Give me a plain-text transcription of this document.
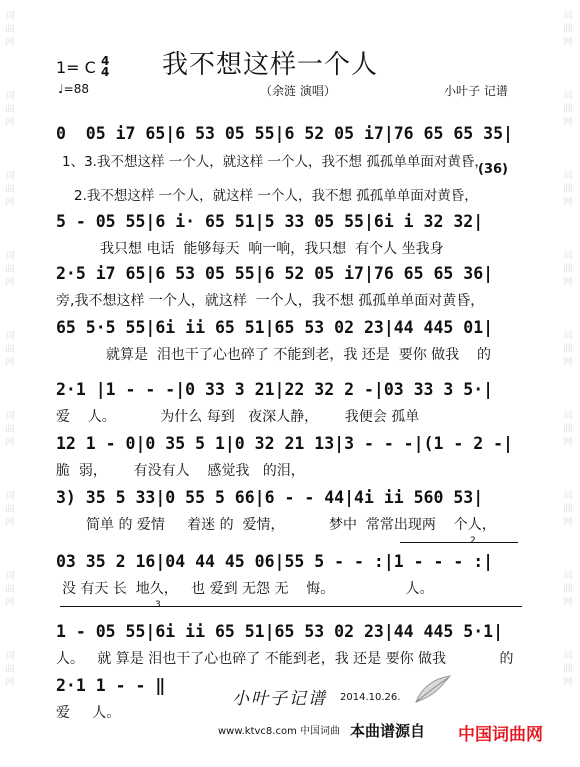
词
曲
网
词
曲
网
词
曲
网
词
曲
网
词
曲
网
词
曲
网
词
曲
网
词
曲
网
词
曲
网
词
曲
网
词
曲
网
词
曲
网
词
曲
网
词
曲
网
词
曲
网
词
曲
网
词
曲
网
词
曲
网
1= C 4
4
♩=88
我不想这样一个人
（余涟 演唱）	小叶子 记谱
0  05 i7 65|6 53 05 55|6 52 05 i7|76 65 65 35|
1、3.我不想这样 一个人，就这样 一个人，我不想 孤孤单单面对黄昏，
(36)
2.我不想这样 一个人，就这样 一个人，我不想 孤孤单单面对黄昏，
5 - 05 55|6 i· 65 51|5 33 05 55|6i i 32 32|
我只想 电话  能够每天  响一响，我只想  有个人 坐我身
2·5 i7 65|6 53 05 55|6 52 05 i7|76 65 65 36|
旁,我不想这样 一个人，就这样  一个人，我不想 孤孤单单面对黄昏，
65 5·5 55|6i ii 65 51|65 53 02 23|44 445 01|
就算是  泪也干了心也碎了 不能到老，我 还是  要你 做我    的
2·1 |1 - - -|0 33 3 21|22 32 2 -|03 33 3 5·|
爱    人。          为什么 每到   夜深人静，      我便会 孤单
12 1 - 0|0 35 5 1|0 32 21 13|3 - - -|(1 - 2 -|
脆  弱，      有没有人    感觉我   的泪，
3) 35 5 33|0 55 5 66|6 - - 44|4i ii 560 53|
简单 的 爱情     着迷 的  爱情，          梦中  常常出现两    个人，
2
03 35 2 16|04 44 45 06|55 5 - - :|1 - - - :|
没 有天 长  地久，   也 爱到 无怨 无    悔。                人。
3
1 - 05 55|6i ii 65 51|65 53 02 23|44 445 5·1|
人。   就 算是 泪也干了心也碎了 不能到老，我 还是 要你 做我            的
2·1 1 - - ‖
爱     人。
小叶子记谱 2014.10.26.
www.ktvc8.com 中国词曲 本曲谱源自 中国词曲网
